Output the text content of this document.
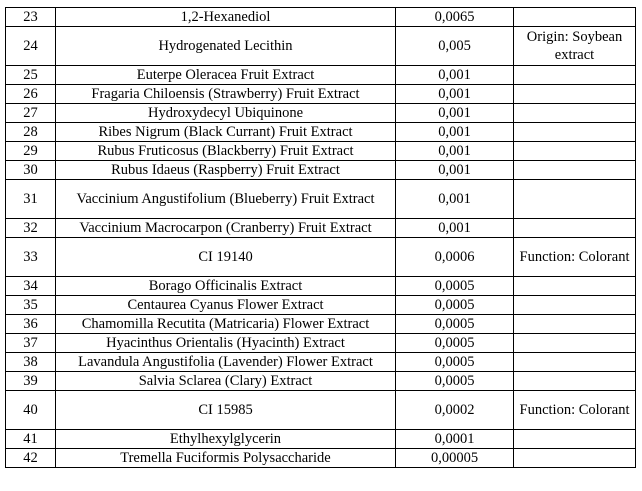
23	1,2-Hexanediol	0,0065	
24	Hydrogenated Lecithin	0,005	Origin: Soybean extract
25	Euterpe Oleracea Fruit Extract	0,001	
26	Fragaria Chiloensis (Strawberry) Fruit Extract	0,001	
27	Hydroxydecyl Ubiquinone	0,001	
28	Ribes Nigrum (Black Currant) Fruit Extract	0,001	
29	Rubus Fruticosus (Blackberry) Fruit Extract	0,001	
30	Rubus Idaeus (Raspberry) Fruit Extract	0,001	
31	Vaccinium Angustifolium (Blueberry) Fruit Extract	0,001	
32	Vaccinium Macrocarpon (Cranberry) Fruit Extract	0,001	
33	CI 19140	0,0006	Function: Colorant
34	Borago Officinalis Extract	0,0005	
35	Centaurea Cyanus Flower Extract	0,0005	
36	Chamomilla Recutita (Matricaria) Flower Extract	0,0005	
37	Hyacinthus Orientalis (Hyacinth) Extract	0,0005	
38	Lavandula Angustifolia (Lavender) Flower Extract	0,0005	
39	Salvia Sclarea (Clary) Extract	0,0005	
40	CI 15985	0,0002	Function: Colorant
41	Ethylhexylglycerin	0,0001	
42	Tremella Fuciformis Polysaccharide	0,00005	
